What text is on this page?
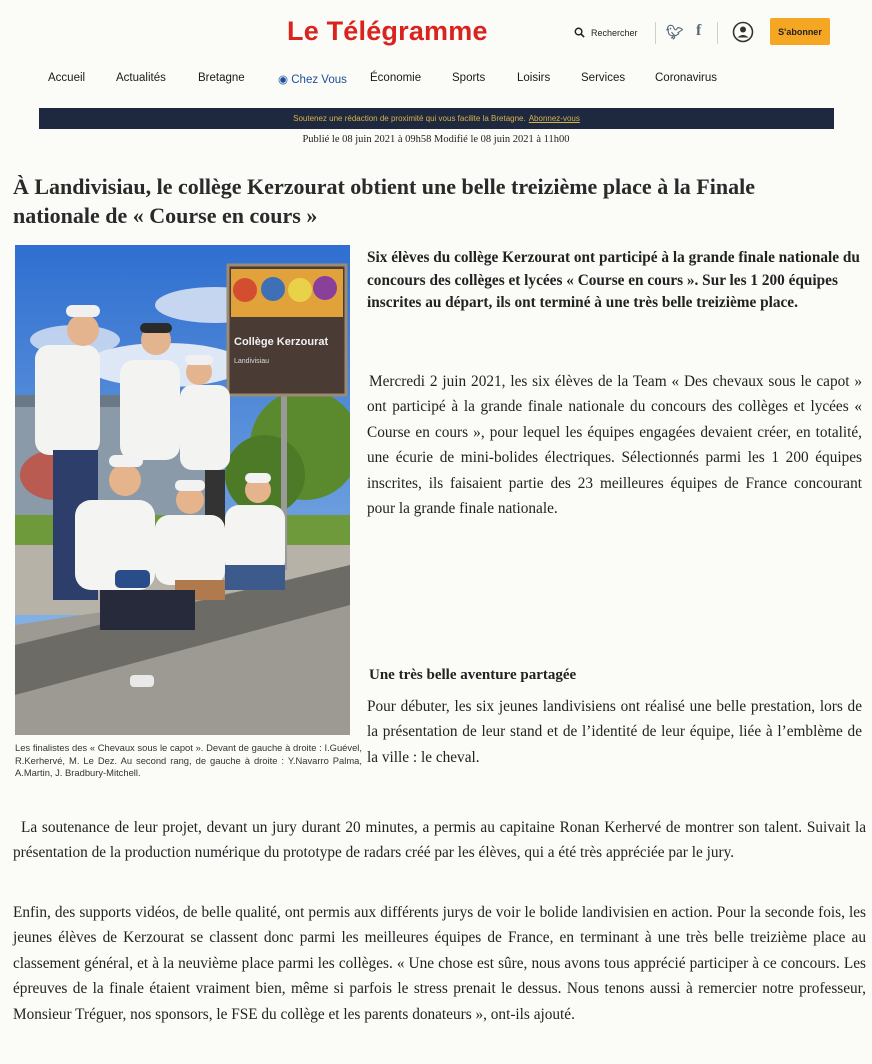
Le Télégramme	Rechercher 🐦︎ f	S'abonner
Accueil	Actualités	Bretagne	◉ Chez Vous Économie	Sports	Loisirs	Services	Coronavirus
Soutenez une rédaction de proximité qui vous facilite la Bretagne. Abonnez-vous
Publié le 08 juin 2021 à 09h58 Modifié le 08 juin 2021 à 11h00
À Landivisiau, le collège Kerzourat obtient une belle treizième place à la Finale nationale de « Course en cours »
Collège Kerzourat
Landivisiau
Les finalistes des « Chevaux sous le capot ». Devant de gauche à droite : I.Guével, R.Kerhervé, M. Le Dez. Au second rang, de gauche à droite : Y.Navarro Palma, A.Martin, J. Bradbury-Mitchell.
Six élèves du collège Kerzourat ont participé à la grande finale nationale du concours des collèges et lycées « Course en cours ». Sur les 1 200 équipes inscrites au départ, ils ont terminé à une très belle treizième place.
Mercredi 2 juin 2021, les six élèves de la Team « Des chevaux sous le capot » ont participé à la grande finale nationale du concours des collèges et lycées « Course en cours », pour lequel les équipes engagées devaient créer, en totalité, une écurie de mini-bolides électriques. Sélectionnés parmi les 1 200 équipes inscrites, ils faisaient partie des 23 meilleures équipes de France concourant pour la grande finale nationale.
Une très belle aventure partagée
Pour débuter, les six jeunes landivisiens ont réalisé une belle prestation, lors de la présentation de leur stand et de l’identité de leur équipe, liée à l’emblème de la ville : le cheval.
La soutenance de leur projet, devant un jury durant 20 minutes, a permis au capitaine Ronan Kerhervé de montrer son talent. Suivait la présentation de la production numérique du prototype de radars créé par les élèves, qui a été très appréciée par le jury.
Enfin, des supports vidéos, de belle qualité, ont permis aux différents jurys de voir le bolide landivisien en action. Pour la seconde fois, les jeunes élèves de Kerzourat se classent donc parmi les meilleures équipes de France, en terminant à une très belle treizième place au classement général, et à la neuvième place parmi les collèges. « Une chose est sûre, nous avons tous apprécié participer à ce concours. Les épreuves de la finale étaient vraiment bien, même si parfois le stress prenait le dessus. Nous tenons aussi à remercier notre professeur, Monsieur Tréguer, nos sponsors, le FSE du collège et les parents donateurs », ont-ils ajouté.
